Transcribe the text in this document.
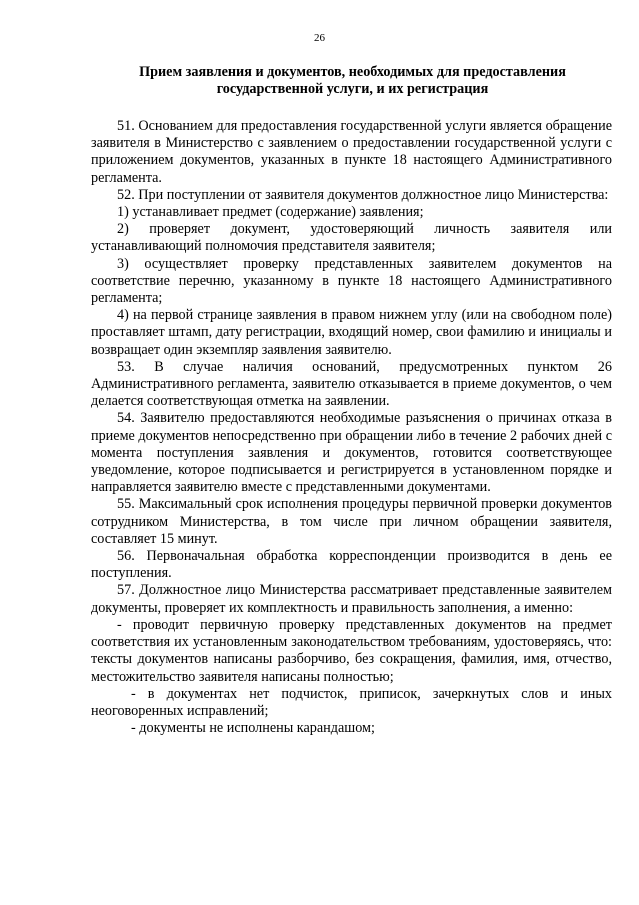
26
Прием заявления и документов, необходимых для предоставления
государственной услуги, и их регистрация

51. Основанием для предоставления государственной услуги является обращение заявителя в Министерство с заявлением о предоставлении государственной услуги с приложением документов, указанных в пункте 18 настоящего Административного регламента.

52. При поступлении от заявителя документов должностное лицо Министерства:

1) устанавливает предмет (содержание) заявления;

2) проверяет документ, удостоверяющий личность заявителя или устанавливающий полномочия представителя заявителя;

3) осуществляет проверку представленных заявителем документов на соответствие перечню, указанному в пункте 18 настоящего Административного регламента;

4) на первой странице заявления в правом нижнем углу (или на свободном поле) проставляет штамп, дату регистрации, входящий номер, свои фамилию и инициалы и возвращает один экземпляр заявления заявителю.

53. В случае наличия оснований, предусмотренных пунктом 26 Административного регламента, заявителю отказывается в приеме документов, о чем делается соответствующая отметка на заявлении.

54. Заявителю предоставляются необходимые разъяснения о причинах отказа в приеме документов непосредственно при обращении либо в течение 2 рабочих дней с момента поступления заявления и документов, готовится соответствующее уведомление, которое подписывается и регистрируется в установленном порядке и направляется заявителю вместе с представленными документами.

55. Максимальный срок исполнения процедуры первичной проверки документов сотрудником Министерства, в том числе при личном обращении заявителя, составляет 15 минут.

56. Первоначальная обработка корреспонденции производится в день ее поступления.

57. Должностное лицо Министерства рассматривает представленные заявителем документы, проверяет их комплектность и правильность заполнения, а именно:

- проводит первичную проверку представленных документов на предмет соответствия их установленным законодательством требованиям, удостоверяясь, что: тексты документов написаны разборчиво, без сокращения, фамилия, имя, отчество, местожительство заявителя написаны полностью;

- в документах нет подчисток, приписок, зачеркнутых слов и иных неоговоренных исправлений;

- документы не исполнены карандашом;
